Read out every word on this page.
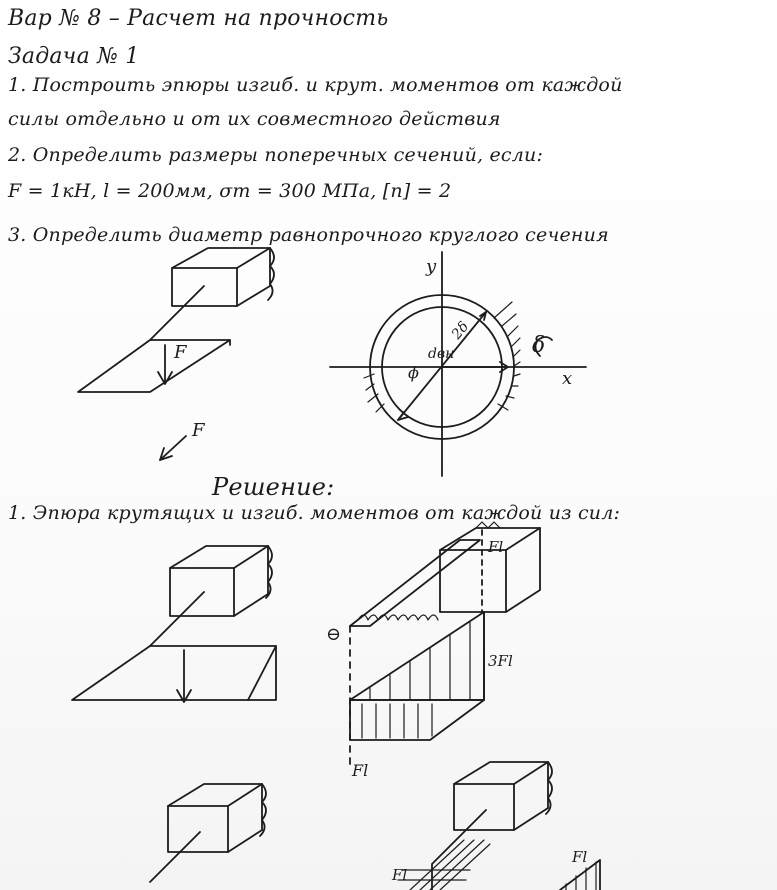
Вар № 8 – Расчет на прочность
Задача № 1
1. Построить эпюры изгиб. и крут. моментов от каждой
силы отдельно и от их совместного действия
2. Определить размеры поперечных сечений, если:
F = 1кН, l = 200мм, σт = 300 МПа, [n] = 2
3. Определить диаметр равнопрочного круглого сечения
Решение:
1. Эпюра крутящих и изгиб. моментов от каждой из сил:
F
F
y
x
dвн
2δ
ϕ
δ
⊖
Fl
3Fl
Fl
Fl
Fl
